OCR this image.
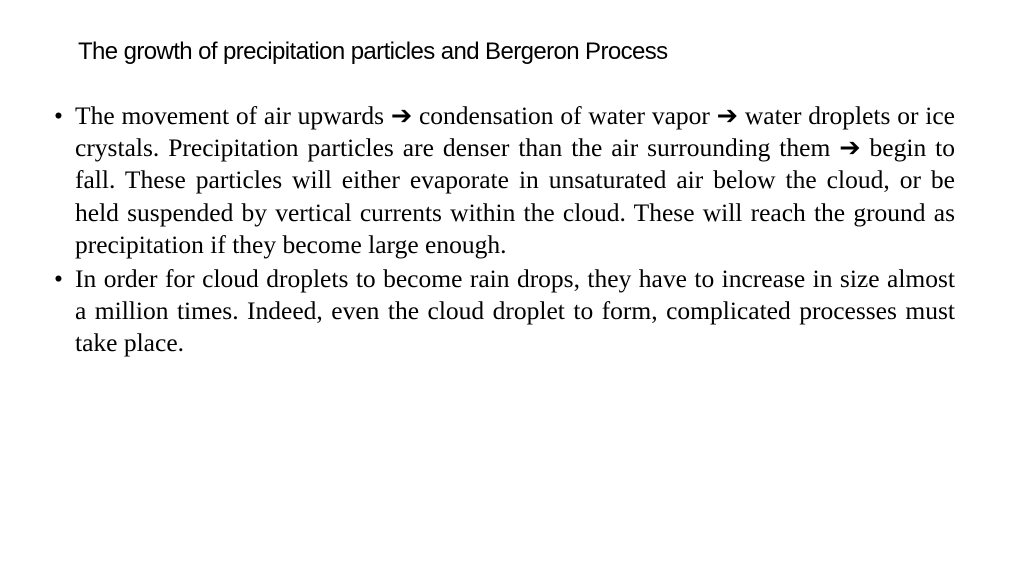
The growth of precipitation particles and Bergeron Process
• The movement of air upwards ➔ condensation of water vapor ➔ water droplets or ice crystals. Precipitation particles are denser than the air surrounding them ➔ begin to fall. These particles will either evaporate in unsaturated air below the cloud, or be held suspended by vertical currents within the cloud. These will reach the ground as precipitation if they become large enough.
• In order for cloud droplets to become rain drops, they have to increase in size almost a million times. Indeed, even the cloud droplet to form, complicated processes must take place.
